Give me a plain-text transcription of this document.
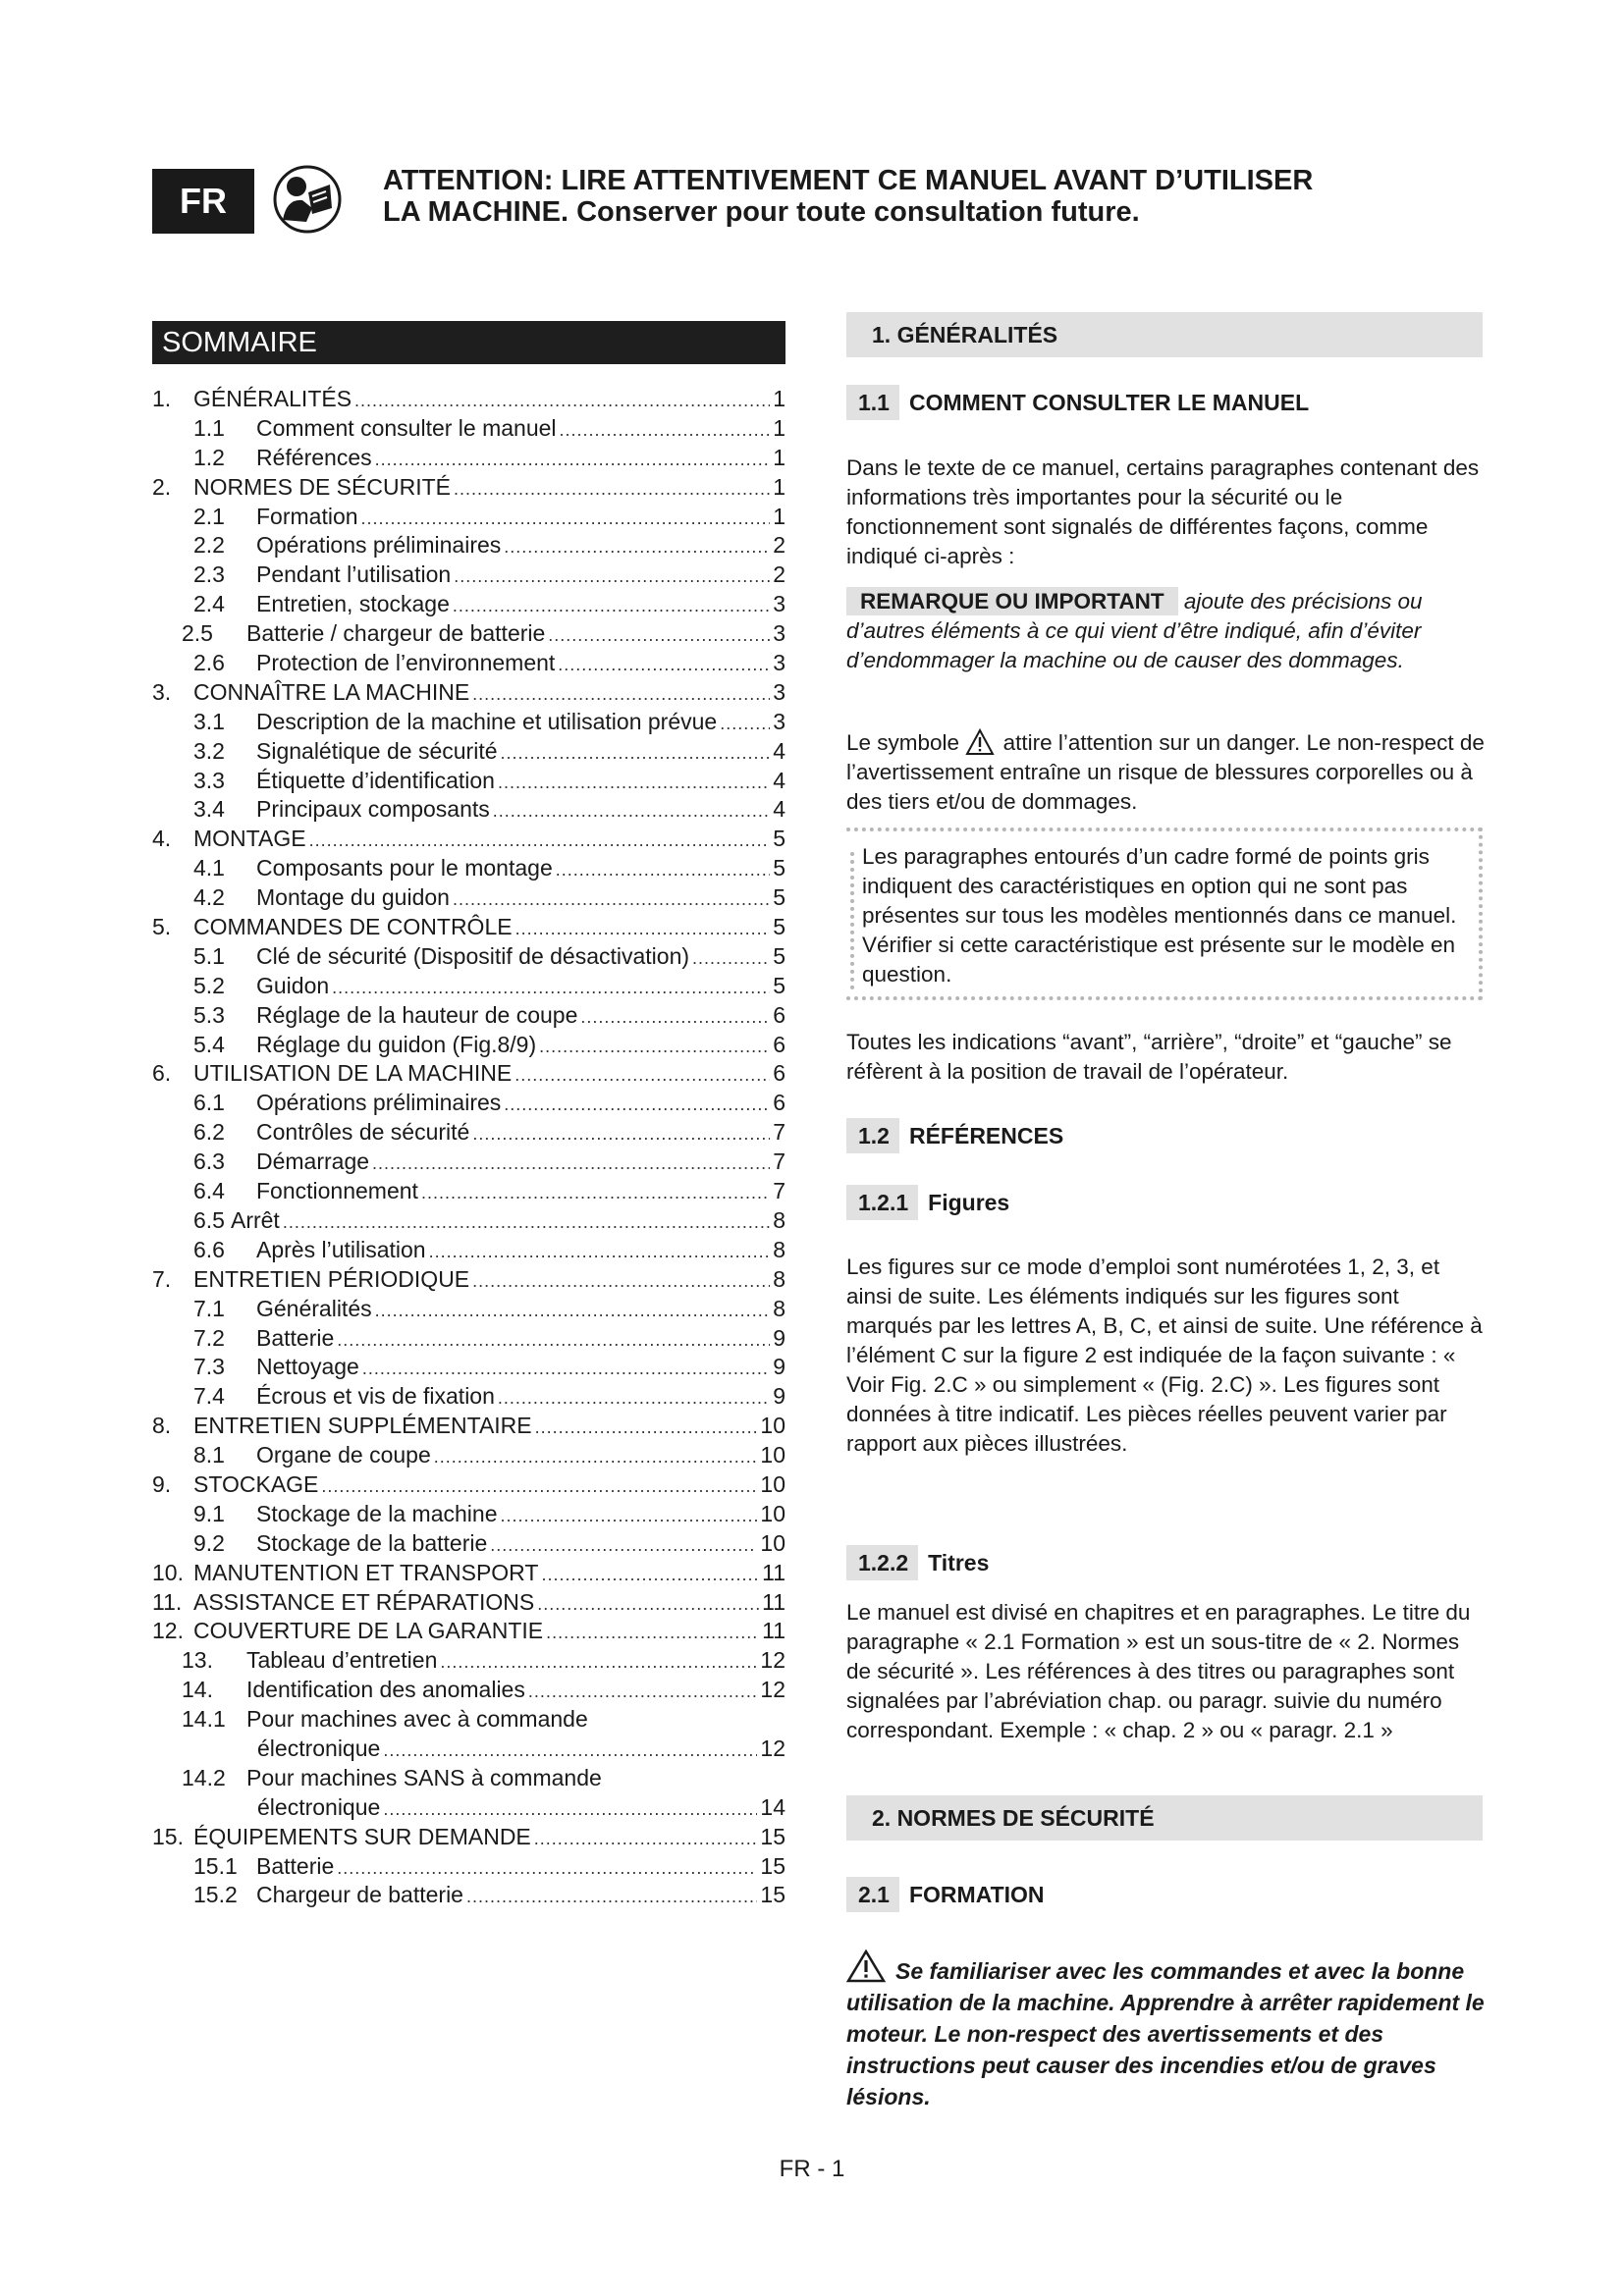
FR	ATTENTION: LIRE ATTENTIVEMENT CE MANUEL AVANT D’UTILISER
LA MACHINE. Conserver pour toute consultation future.
SOMMAIRE
1. GÉNÉRALITÉS .....	1
1.1	Comment consulter le manuel .....	1
1.2	Références .....	1
2. NORMES DE SÉCURITÉ .....	1
2.1	Formation .....	1
2.2	Opérations préliminaires .....	2
2.3	Pendant l’utilisation .....	2
2.4	Entretien, stockage .....	3
2.5	Batterie / chargeur de batterie .....	3
2.6	Protection de l’environnement .....	3
3. CONNAÎTRE LA MACHINE .....	3
3.1	Description de la machine et utilisation prévue ..... 3
3.2	Signalétique de sécurité .....	4
3.3	Étiquette d’identification .....	4
3.4	Principaux composants .....	4
4. MONTAGE .....	5
4.1	Composants pour le montage .....	5
4.2	Montage du guidon .....	5
5. COMMANDES DE CONTRÔLE .....	5
5.1	Clé de sécurité (Dispositif de désactivation) .....	5
5.2	Guidon .....	5
5.3	Réglage de la hauteur de coupe .....	6
5.4	Réglage du guidon (Fig.8/9) .....	6
6. UTILISATION DE LA MACHINE .....	6
6.1	Opérations préliminaires .....	6
6.2	Contrôles de sécurité .....	7
6.3	Démarrage .....	7
6.4	Fonctionnement .....	7
6.5 Arrêt .....	8
6.6	Après l’utilisation .....	8
7. ENTRETIEN PÉRIODIQUE .....	8
7.1	Généralités .....	8
7.2	Batterie .....	9
7.3	Nettoyage .....	9
7.4	Écrous et vis de fixation .....	9
8. ENTRETIEN SUPPLÉMENTAIRE .....	10
8.1	Organe de coupe .....	10
9. STOCKAGE .....	10
9.1	Stockage de la machine .....	10
9.2	Stockage de la batterie .....	10
10. MANUTENTION ET TRANSPORT .....	11
11. ASSISTANCE ET RÉPARATIONS .....	11
12. COUVERTURE DE LA GARANTIE .....	11
13.	Tableau d’entretien .....	12
14.	Identification des anomalies .....	12
14.1 Pour machines avec à commande
électronique .....	12
14.2 Pour machines SANS à commande
électronique .....	14
15. ÉQUIPEMENTS SUR DEMANDE .....	15
15.1 Batterie .....	15
15.2 Chargeur de batterie .....	15
1. GÉNÉRALITÉS
1.1 COMMENT CONSULTER LE MANUEL
Dans le texte de ce manuel, certains paragraphes contenant des informations très importantes pour la sécurité ou le fonctionnement sont signalés de différentes façons, comme indiqué ci-après :
REMARQUE OU IMPORTANT ajoute des précisions ou d’autres éléments à ce qui vient d’être indiqué, afin d’éviter d’endommager la machine ou de causer des dommages.
Le symbole attire l’attention sur un danger. Le non-respect de l’avertissement entraîne un risque de blessures corporelles ou à des tiers et/ou de dommages.
Les paragraphes entourés d’un cadre formé de points gris indiquent des caractéristiques en option qui ne sont pas présentes sur tous les modèles mentionnés dans ce manuel. Vérifier si cette caractéristique est présente sur le modèle en question.
Toutes les indications “avant”, “arrière”, “droite” et “gauche” se réfèrent à la position de travail de l’opérateur.
1.2 RÉFÉRENCES
1.2.1 Figures
Les figures sur ce mode d’emploi sont numérotées 1, 2, 3, et ainsi de suite. Les éléments indiqués sur les figures sont marqués par les lettres A, B, C, et ainsi de suite. Une référence à l’élément C sur la figure 2 est indiquée de la façon suivante : « Voir Fig. 2.C » ou simplement « (Fig. 2.C) ». Les figures sont données à titre indicatif. Les pièces réelles peuvent varier par rapport aux pièces illustrées.
1.2.2 Titres
Le manuel est divisé en chapitres et en paragraphes. Le titre du paragraphe « 2.1 Formation » est un sous-titre de « 2. Normes de sécurité ». Les références à des titres ou paragraphes sont signalées par l’abréviation chap. ou paragr. suivie du numéro correspondant. Exemple : « chap. 2 » ou « paragr. 2.1 »
2. NORMES DE SÉCURITÉ
2.1 FORMATION
Se familiariser avec les commandes et avec la bonne utilisation de la machine. Apprendre à arrêter rapidement le moteur. Le non-respect des avertissements et des instructions peut causer des incendies et/ou de graves lésions.
FR - 1
